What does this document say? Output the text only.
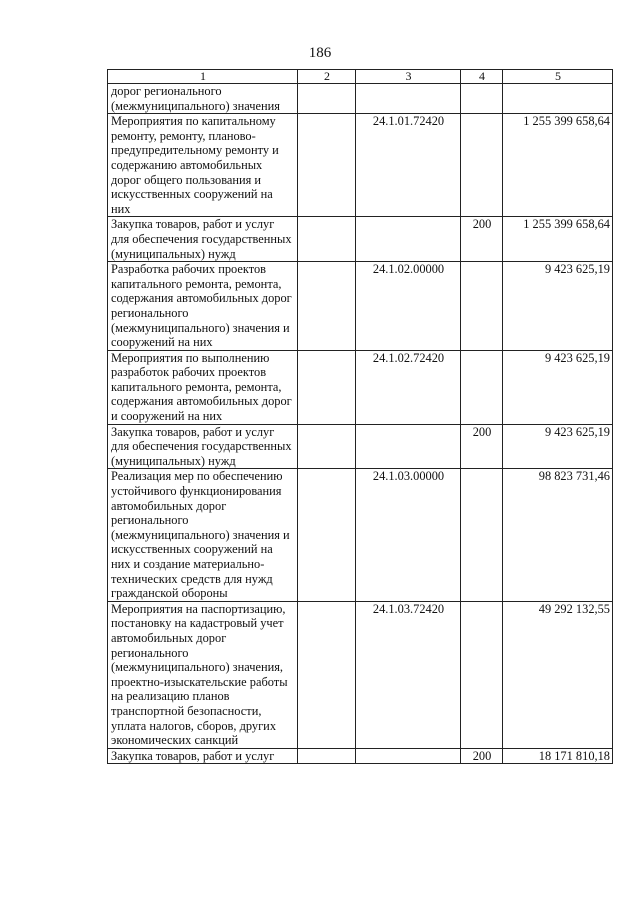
186
1	2	3	4	5
дорог регионального (межмуниципального) значения				
Мероприятия по капитальному ремонту, ремонту, планово-предупредительному ремонту и содержанию автомобильных дорог общего пользования и искусственных сооружений на них		24.1.01.72420		1 255 399 658,64
Закупка товаров, работ и услуг для обеспечения государственных (муниципальных) нужд			200	1 255 399 658,64
Разработка рабочих проектов капитального ремонта, ремонта, содержания автомобильных дорог регионального (межмуниципального) значения и сооружений на них		24.1.02.00000		9 423 625,19
Мероприятия по выполнению разработок рабочих проектов капитального ремонта, ремонта, содержания автомобильных дорог и сооружений на них		24.1.02.72420		9 423 625,19
Закупка товаров, работ и услуг для обеспечения государственных (муниципальных) нужд			200	9 423 625,19
Реализация мер по обеспечению устойчивого функционирования автомобильных дорог регионального (межмуниципального) значения и искусственных сооружений на них и создание материально-технических средств для нужд гражданской обороны		24.1.03.00000		98 823 731,46
Мероприятия на паспортизацию, постановку на кадастровый учет автомобильных дорог регионального (межмуниципального) значения, проектно-изыскательские работы на реализацию планов транспортной безопасности, уплата налогов, сборов, других экономических санкций		24.1.03.72420		49 292 132,55
Закупка товаров, работ и услуг			200	18 171 810,18
